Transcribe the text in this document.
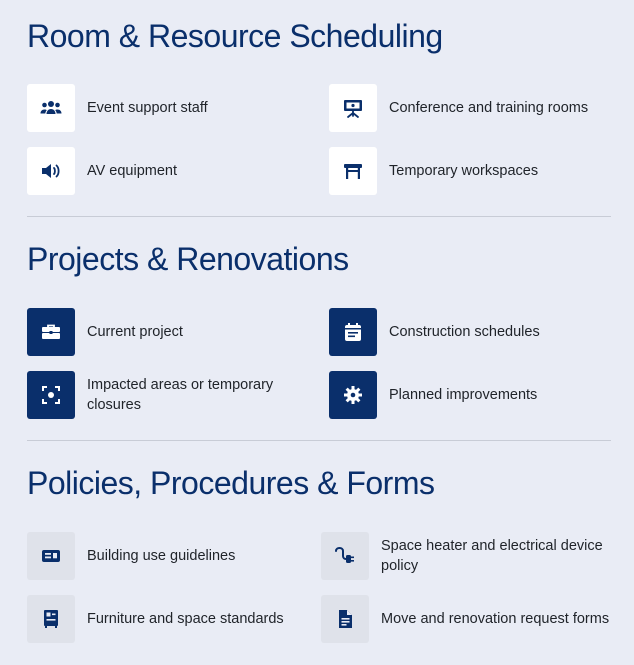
Room & Resource Scheduling
Event support staff	Conference and training rooms
AV equipment	Temporary workspaces
Projects & Renovations
Current project	Construction schedules
Impacted areas or temporary closures
Planned improvements
Policies, Procedures & Forms
Building use guidelines
Space heater and electrical device policy
Furniture and space standards	Move and renovation request forms
